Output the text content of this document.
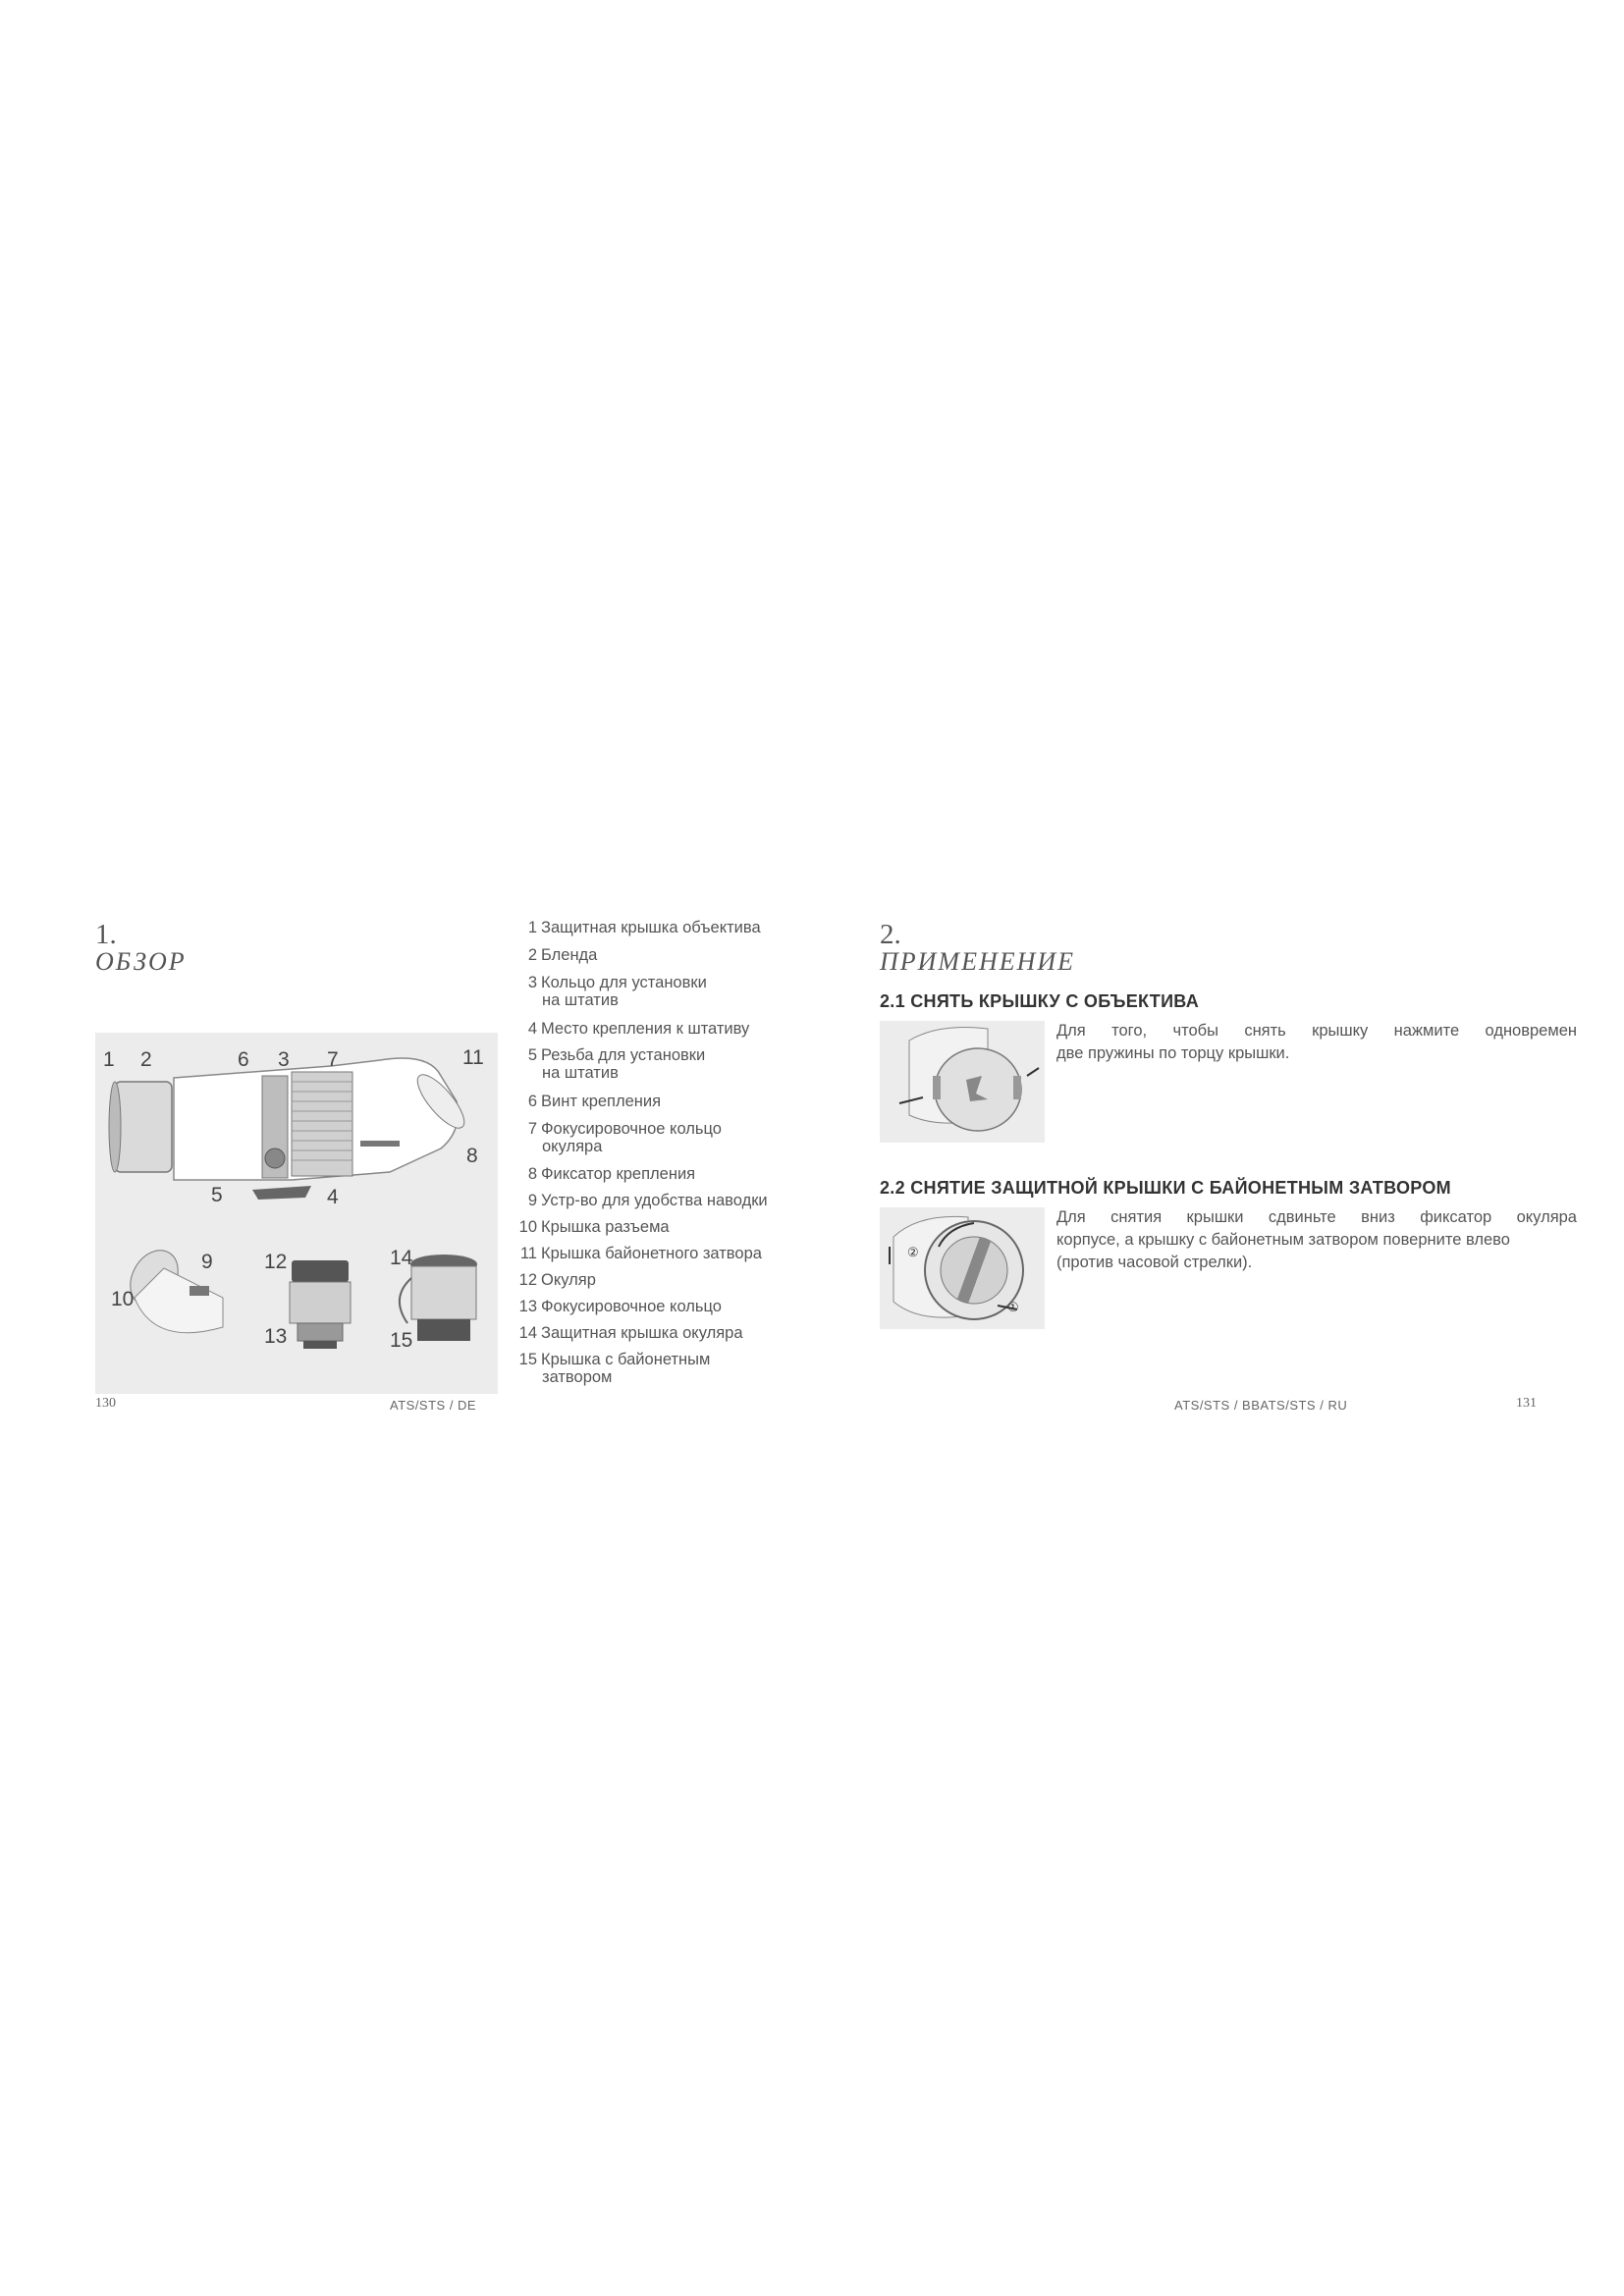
1.
ОБЗОР
1 2	6 3 7	11
8
5	4
9
10
12
13
14
15
1 Защитная крышка объектива
2 Бленда
3 Кольцо для установки
на штатив
4 Место крепления к штативу
5 Резьба для установки
на штатив
6 Винт крепления
7 Фокусировочное кольцо
окуляра
8 Фиксатор крепления
9 Устр-во для удобства наводки
10 Крышка разъема
11 Крышка байонетного затвора
12 Окуляр
13 Фокусировочное кольцо
14 Защитная крышка окуляра
15 Крышка с байонетным
затвором
130	ATS/STS / DE
2.
ПРИМЕНЕНИЕ
2.1 СНЯТЬ КРЫШКУ С ОБЪЕКТИВА
Для того, чтобы снять крышку нажмите одновремен
две пружины по торцу крышки.
2.2 СНЯТИЕ ЗАЩИТНОЙ КРЫШКИ С БАЙОНЕТНЫМ ЗАТВОРОМ
②
①
Для снятия крышки сдвиньте вниз фиксатор окуляра
корпусе, а крышку с байонетным затвором поверните влево
(против часовой стрелки).
ATS/STS / BBATS/STS / RU	131
